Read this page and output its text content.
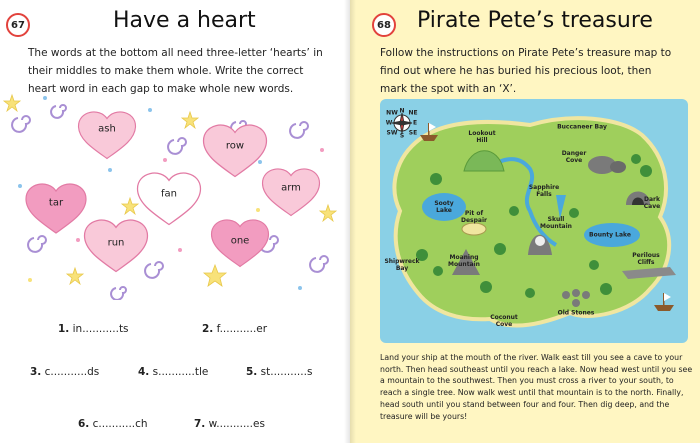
67	Have a heart
The words at the bottom all need three-letter ‘hearts’ in their middles to make them whole. Write the correct heart word in each gap to make whole new words.
ash
row
fan
tar
arm
run	one
1. in...........ts	2. f...........er
3. c...........ds	4. s...........tle	5. st...........s
6. c...........ch	7. w...........es
68 Pirate Pete’s treasure
Follow the instructions on Pirate Pete’s treasure map to find out where he has buried his precious loot, then mark the spot with an ‘X’.
NW N NE
W	E
SW S SE	Lookout
Hill
Buccaneer Bay
Danger
Cove
Sapphire
Falls
Sooty
Lake
Dark
Cave
Skull
Mountain
Pit of
Despair
Bounty Lake
Shipwreck
Bay
Moaning
Mountain
Perilous Cliffs
Old Stones
Coconut
Cove
Land your ship at the mouth of the river. Walk east till you see a cave to your north. Then head southeast until you reach a lake. Now head west until you see a mountain to the southwest. Then you must cross a river to your south, to reach a single tree. Now walk west until that mountain is to the north. Finally, head south until you stand between four and four. Then dig deep, and the treasure will be yours!
